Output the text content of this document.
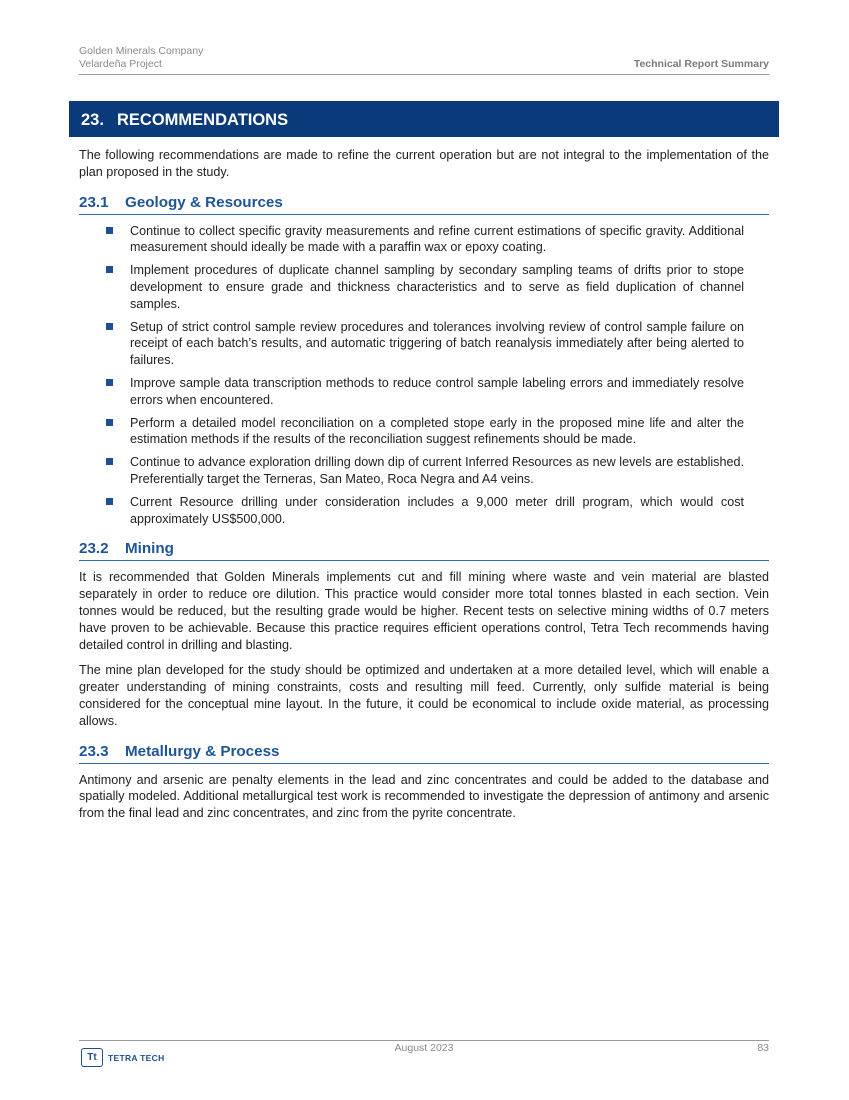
Golden Minerals Company
Velardeña Project	Technical Report Summary
23. RECOMMENDATIONS

The following recommendations are made to refine the current operation but are not integral to the implementation of the plan proposed in the study.

23.1 Geology & Resources
Continue to collect specific gravity measurements and refine current estimations of specific gravity. Additional measurement should ideally be made with a paraffin wax or epoxy coating.
Implement procedures of duplicate channel sampling by secondary sampling teams of drifts prior to stope development to ensure grade and thickness characteristics and to serve as field duplication of channel samples.
Setup of strict control sample review procedures and tolerances involving review of control sample failure on receipt of each batch’s results, and automatic triggering of batch reanalysis immediately after being alerted to failures.
Improve sample data transcription methods to reduce control sample labeling errors and immediately resolve errors when encountered.
Perform a detailed model reconciliation on a completed stope early in the proposed mine life and alter the estimation methods if the results of the reconciliation suggest refinements should be made.
Continue to advance exploration drilling down dip of current Inferred Resources as new levels are established. Preferentially target the Terneras, San Mateo, Roca Negra and A4 veins.
Current Resource drilling under consideration includes a 9,000 meter drill program, which would cost approximately US$500,000.
23.2 Mining

It is recommended that Golden Minerals implements cut and fill mining where waste and vein material are blasted separately in order to reduce ore dilution. This practice would consider more total tonnes blasted in each section. Vein tonnes would be reduced, but the resulting grade would be higher. Recent tests on selective mining widths of 0.7 meters have proven to be achievable. Because this practice requires efficient operations control, Tetra Tech recommends having detailed control in drilling and blasting.

The mine plan developed for the study should be optimized and undertaken at a more detailed level, which will enable a greater understanding of mining constraints, costs and resulting mill feed. Currently, only sulfide material is being considered for the conceptual mine layout. In the future, it could be economical to include oxide material, as processing allows.

23.3 Metallurgy & Process

Antimony and arsenic are penalty elements in the lead and zinc concentrates and could be added to the database and spatially modeled. Additional metallurgical test work is recommended to investigate the depression of antimony and arsenic from the final lead and zinc concentrates, and zinc from the pyrite concentrate.

Tt	TETRA TECH
August 2023	83
